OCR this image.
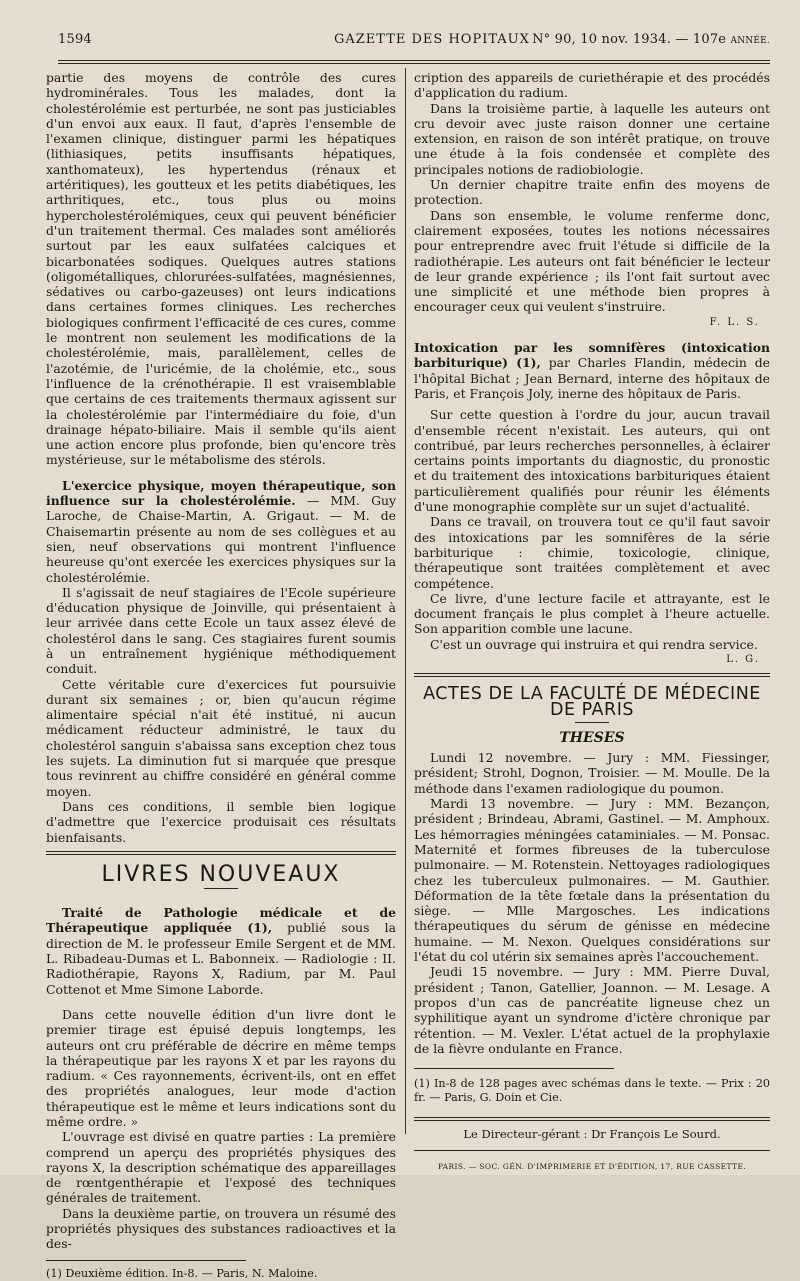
1594	GAZETTE DES HOPITAUX N° 90, 10 nov. 1934. — 107e ANNÉE.

partie des moyens de contrôle des cures hydrominérales. Tous les malades, dont la cholestérolémie est perturbée, ne sont pas justiciables d'un envoi aux eaux. Il faut, d'après l'ensemble de l'examen clinique, distinguer parmi les hépatiques (lithiasiques, petits insuffisants hépatiques, xanthomateux), les hypertendus (rénaux et artéritiques), les goutteux et les petits diabétiques, les arthritiques, etc., tous plus ou moins hypercholestérolémiques, ceux qui peuvent bénéficier d'un traitement thermal. Ces malades sont améliorés surtout par les eaux sulfatées calciques et bicarbonatées sodiques. Quelques autres stations (oligométalliques, chlorurées-sulfatées, magnésiennes, sédatives ou carbo-gazeuses) ont leurs indications dans certaines formes cliniques. Les recherches biologiques confirment l'efficacité de ces cures, comme le montrent non seulement les modifications de la cholestérolémie, mais, parallèlement, celles de l'azotémie, de l'uricémie, de la cholémie, etc., sous l'influence de la crénothérapie. Il est vraisemblable que certains de ces traitements thermaux agissent sur la cholestérolémie par l'intermédiaire du foie, d'un drainage hépato-biliaire. Mais il semble qu'ils aient une action encore plus profonde, bien qu'encore très mystérieuse, sur le métabolisme des stérols.

L'exercice physique, moyen thérapeutique, son influence sur la cholestérolémie. — MM. Guy Laroche, de Chaise-Martin, A. Grigaut. — M. de Chaisemartin présente au nom de ses collègues et au sien, neuf observations qui montrent l'influence heureuse qu'ont exercée les exercices physiques sur la cholestérolémie.

Il s'agissait de neuf stagiaires de l'Ecole supérieure d'éducation physique de Joinville, qui présentaient à leur arrivée dans cette Ecole un taux assez élevé de cholestérol dans le sang. Ces stagiaires furent soumis à un entraînement hygiénique méthodiquement conduit.

Cette véritable cure d'exercices fut poursuivie durant six semaines ; or, bien qu'aucun régime alimentaire spécial n'ait été institué, ni aucun médicament réducteur administré, le taux du cholestérol sanguin s'abaissa sans exception chez tous les sujets. La diminution fut si marquée que presque tous revinrent au chiffre considéré en général comme moyen.

Dans ces conditions, il semble bien logique d'admettre que l'exercice produisait ces résultats bienfaisants.

LIVRES NOUVEAUX

Traité de Pathologie médicale et de Thérapeutique appliquée (1), publié sous la direction de M. le professeur Emile Sergent et de MM. L. Ribadeau-Dumas et L. Babonneix. — Radiologie : II. Radiothérapie, Rayons X, Radium, par M. Paul Cottenot et Mme Simone Laborde.

Dans cette nouvelle édition d'un livre dont le premier tirage est épuisé depuis longtemps, les auteurs ont cru préférable de décrire en même temps la thérapeutique par les rayons X et par les rayons du radium. « Ces rayonnements, écrivent-ils, ont en effet des propriétés analogues, leur mode d'action thérapeutique est le même et leurs indications sont du même ordre. »

L'ouvrage est divisé en quatre parties : La première comprend un aperçu des propriétés physiques des rayons X, la description schématique des appareillages de rœntgenthérapie et l'exposé des techniques générales de traitement.

Dans la deuxième partie, on trouvera un résumé des propriétés physiques des substances radioactives et la des-

(1) Deuxième édition. In-8. — Paris, N. Maloine.

cription des appareils de curiethérapie et des procédés d'application du radium.

Dans la troisième partie, à laquelle les auteurs ont cru devoir avec juste raison donner une certaine extension, en raison de son intérêt pratique, on trouve une étude à la fois condensée et complète des principales notions de radiobiologie.

Un dernier chapitre traite enfin des moyens de protection.

Dans son ensemble, le volume renferme donc, clairement exposées, toutes les notions nécessaires pour entreprendre avec fruit l'étude si difficile de la radiothérapie. Les auteurs ont fait bénéficier le lecteur de leur grande expérience ; ils l'ont fait surtout avec une simplicité et une méthode bien propres à encourager ceux qui veulent s'instruire.

F. L. S.

Intoxication par les somnifères (intoxication barbiturique) (1), par Charles Flandin, médecin de l'hôpital Bichat ; Jean Bernard, interne des hôpitaux de Paris, et François Joly, inerne des hôpitaux de Paris.

Sur cette question à l'ordre du jour, aucun travail d'ensemble récent n'existait. Les auteurs, qui ont contribué, par leurs recherches personnelles, à éclairer certains points importants du diagnostic, du pronostic et du traitement des intoxications barbituriques étaient particulièrement qualifiés pour réunir les éléments d'une monographie complète sur un sujet d'actualité.

Dans ce travail, on trouvera tout ce qu'il faut savoir des intoxications par les somnifères de la série barbiturique : chimie, toxicologie, clinique, thérapeutique sont traitées complètement et avec compétence.

Ce livre, d'une lecture facile et attrayante, est le document français le plus complet à l'heure actuelle. Son apparition comble une lacune.

C'est un ouvrage qui instruira et qui rendra service.

L. G.

ACTES DE LA FACULTÉ DE MÉDECINE DE PARIS
THESES

Lundi 12 novembre. — Jury : MM. Fiessinger, président; Strohl, Dognon, Troisier. — M. Moulle. De la méthode dans l'examen radiologique du poumon.

Mardi 13 novembre. — Jury : MM. Bezançon, président ; Brindeau, Abrami, Gastinel. — M. Amphoux. Les hémorragies méningées cataminiales. — M. Ponsac. Maternité et formes fibreuses de la tuberculose pulmonaire. — M. Rotenstein. Nettoyages radiologiques chez les tuberculeux pulmonaires. — M. Gauthier. Déformation de la tête fœtale dans la présentation du siège. — Mlle Margosches. Les indications thérapeutiques du sérum de génisse en médecine humaine. — M. Nexon. Quelques considérations sur l'état du col utérin six semaines après l'accouchement.

Jeudi 15 novembre. — Jury : MM. Pierre Duval, président ; Tanon, Gatellier, Joannon. — M. Lesage. A propos d'un cas de pancréatite ligneuse chez un syphilitique ayant un syndrome d'ictère chronique par rétention. — M. Vexler. L'état actuel de la prophylaxie de la fièvre ondulante en France.

(1) In-8 de 128 pages avec schémas dans le texte. — Prix : 20 fr. — Paris, G. Doin et Cie.

Le Directeur-gérant : Dr François Le Sourd.

PARIS. — SOC. GÉN. D'IMPRIMERIE ET D'ÉDITION, 17, RUE CASSETTE.
